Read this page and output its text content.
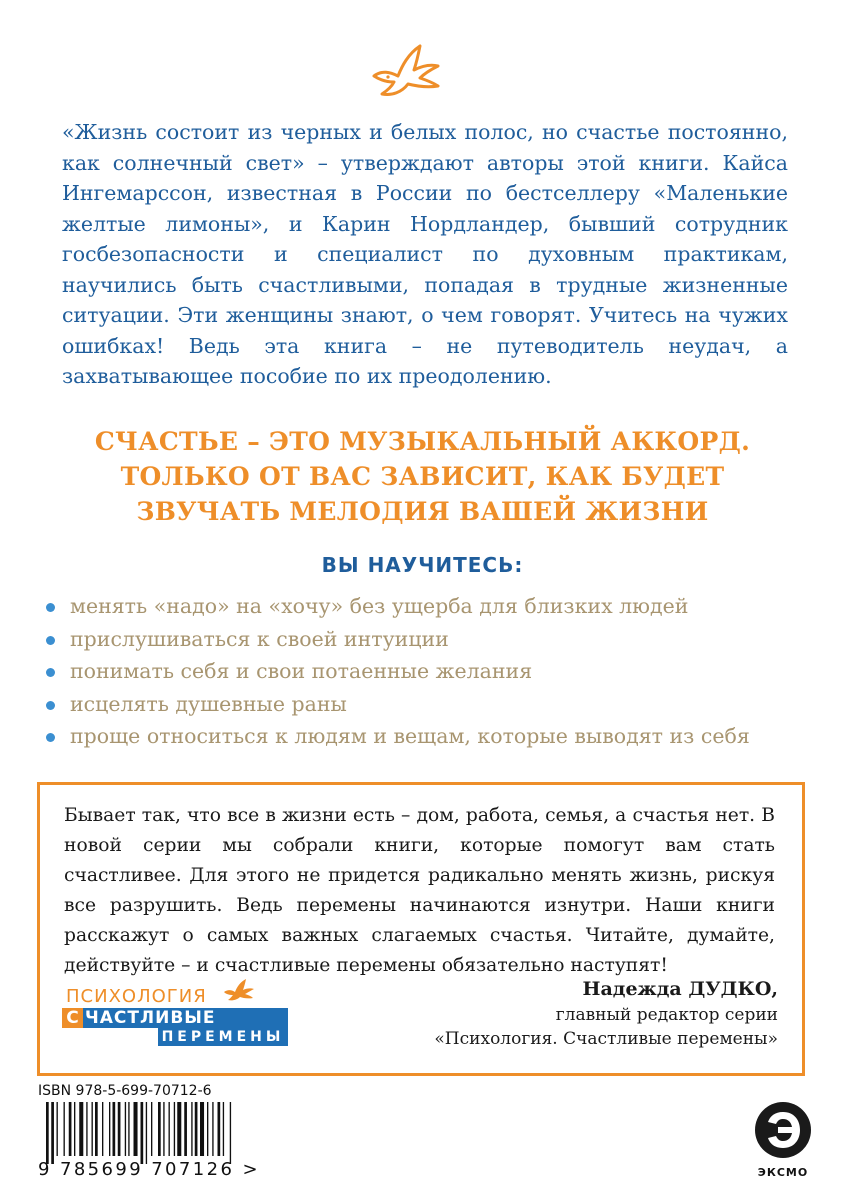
«Жизнь состоит из черных и белых полос, но счастье постоянно, как солнечный свет» – утверждают авторы этой книги. Кайса Ингемарссон, известная в России по бестселлеру «Маленькие желтые лимоны», и Карин Нордландер, бывший сотрудник госбезопасности и специалист по духовным практикам, научились быть счастливыми, попадая в трудные жизненные ситуации. Эти женщины знают, о чем говорят. Учитесь на чужих ошибках! Ведь эта книга – не путеводитель неудач, а захватывающее пособие по их преодолению.

СЧАСТЬЕ – ЭТО МУЗЫКАЛЬНЫЙ АККОРД.
ТОЛЬКО ОТ ВАС ЗАВИСИТ, КАК БУДЕТ
ЗВУЧАТЬ МЕЛОДИЯ ВАШЕЙ ЖИЗНИ
ВЫ НАУЧИТЕСЬ:
менять «надо» на «хочу» без ущерба для близких людей
прислушиваться к своей интуиции
понимать себя и свои потаенные желания
исцелять душевные раны
проще относиться к людям и вещам, которые выводят из себя

Бывает так, что все в жизни есть – дом, работа, семья, а счастья нет. В новой серии мы собрали книги, которые помогут вам стать счастливее. Для этого не придется радикально менять жизнь, рискуя все разрушить. Ведь перемены начинаются изнутри. Наши книги расскажут о самых важных слагаемых счастья. Читайте, думайте, действуйте – и счастливые перемены обязательно наступят!

Надежда ДУДКО,
главный редактор серии
«Психология. Счастливые перемены»
ПСИХОЛОГИЯ
С ЧАСТЛИВЫЕ
ПЕРЕМЕНЫ
ISBN 978-5-699-70712-6
9 785699 707126 >	ЭКСМО
